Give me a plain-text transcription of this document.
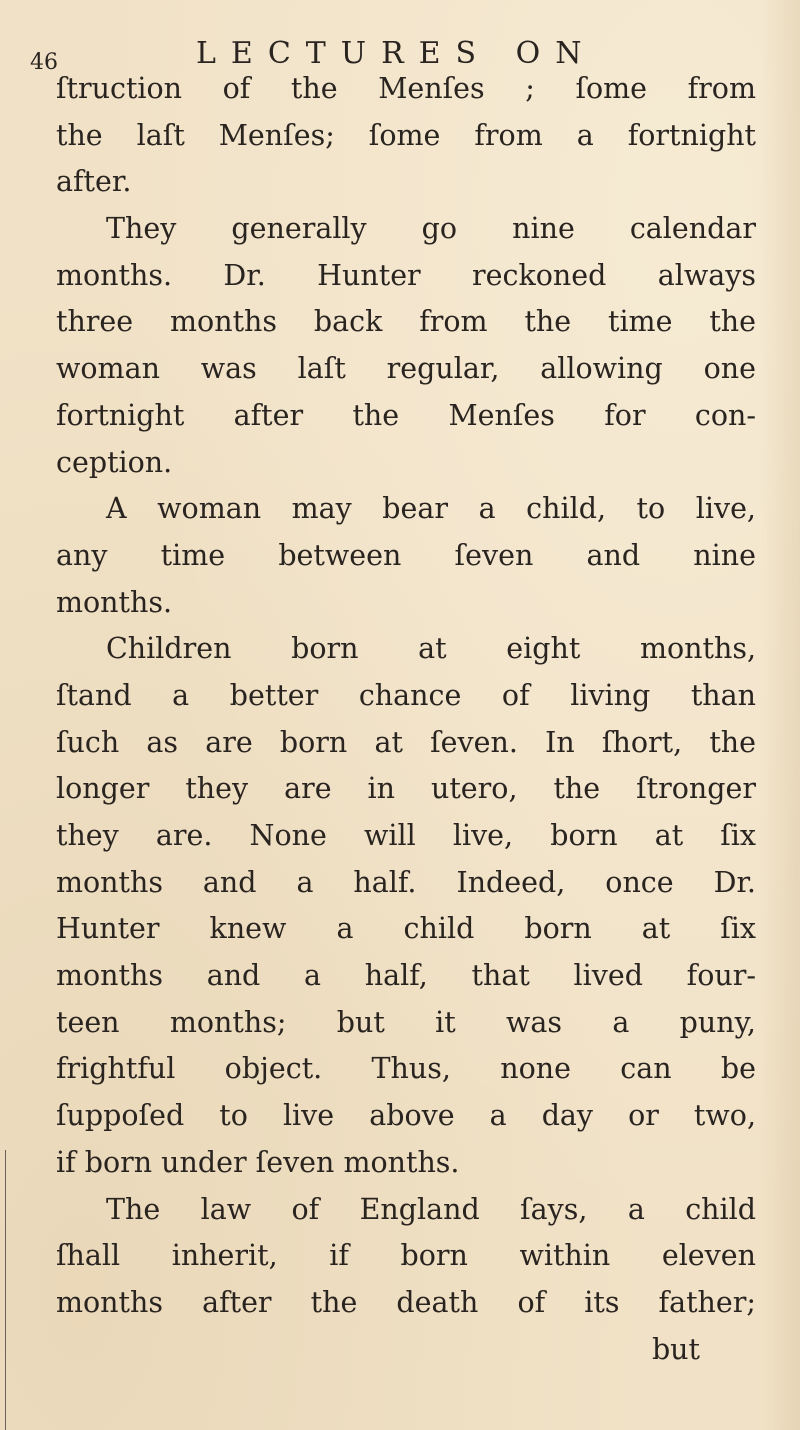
46	LECTURES ON
ſtruction of the Menſes ; ſome from
the laſt Menſes; ſome from a fortnight
after.
They generally go nine calendar
months. Dr. Hunter reckoned always
three months back from the time the
woman was laſt regular, allowing one
fortnight after the Menſes for con-
ception.
A woman may bear a child, to live,
any time between ſeven and nine
months.
Children born at eight months,
ſtand a better chance of living than
ſuch as are born at ſeven. In ſhort, the
longer they are in utero, the ſtronger
they are. None will live, born at ſix
months and a half. Indeed, once Dr.
Hunter knew a child born at ſix
months and a half, that lived four-
teen months; but it was a puny,
frightful object. Thus, none can be
ſuppoſed to live above a day or two,
if born under ſeven months.
The law of England ſays, a child
ſhall inherit, if born within eleven
months after the death of its father;
but
